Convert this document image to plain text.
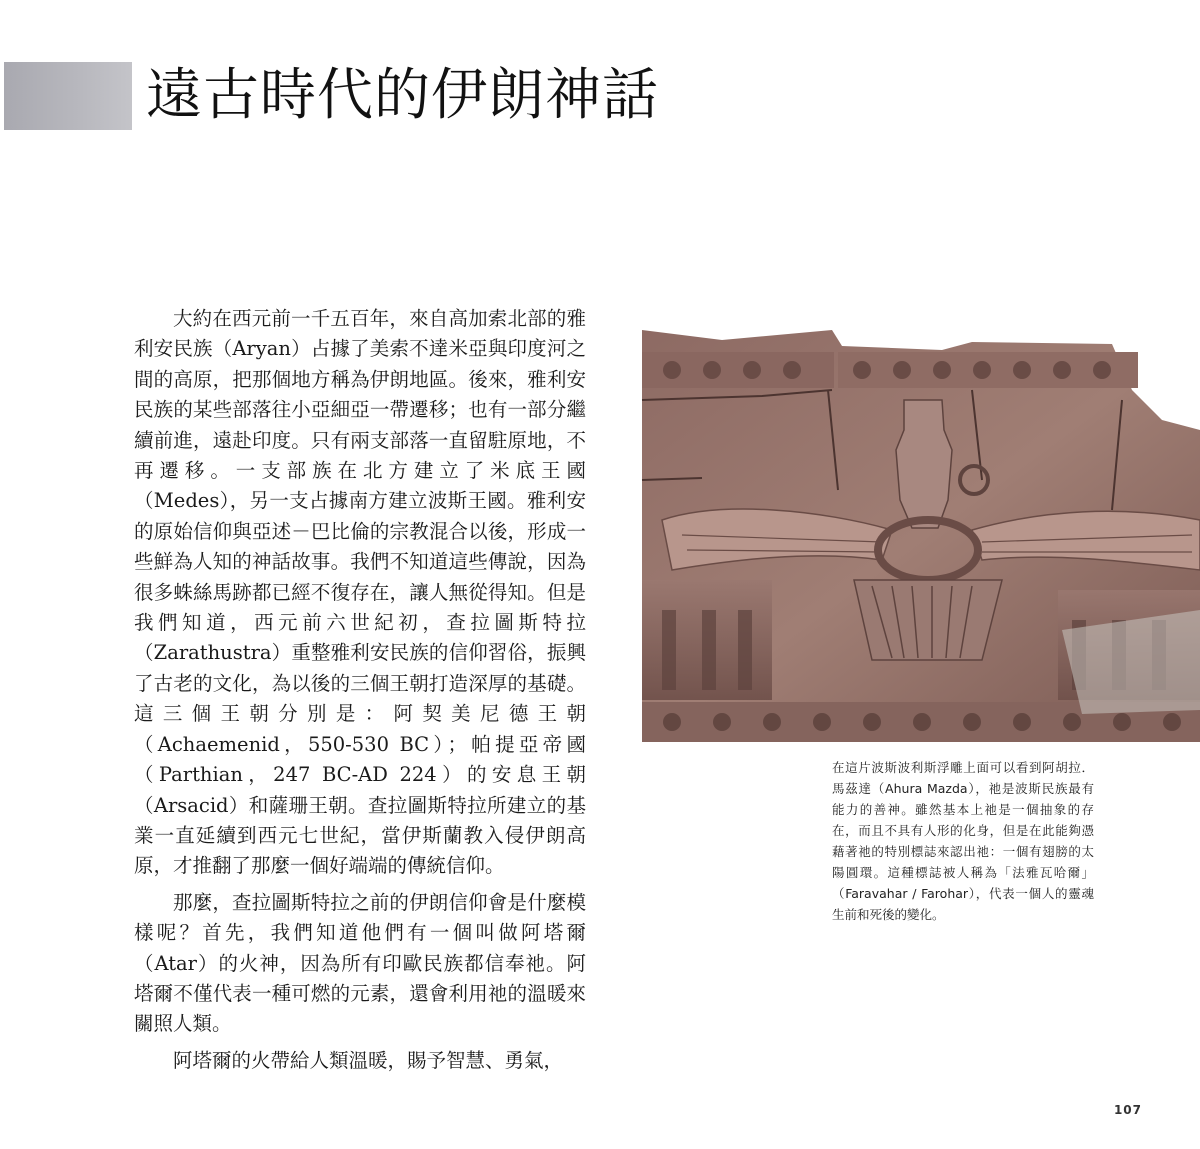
遠古時代的伊朗神話

大約在西元前一千五百年，來自高加索北部的雅利安民族（Aryan）占據了美索不達米亞與印度河之間的高原，把那個地方稱為伊朗地區。後來，雅利安民族的某些部落往小亞細亞一帶遷移；也有一部分繼續前進，遠赴印度。只有兩支部落一直留駐原地，不再遷移。一支部族在北方建立了米底王國（Medes），另一支占據南方建立波斯王國。雅利安的原始信仰與亞述－巴比倫的宗教混合以後，形成一些鮮為人知的神話故事。我們不知道這些傳說，因為很多蛛絲馬跡都已經不復存在，讓人無從得知。但是我們知道，西元前六世紀初，查拉圖斯特拉（Zarathustra）重整雅利安民族的信仰習俗，振興了古老的文化，為以後的三個王朝打造深厚的基礎。這三個王朝分別是：阿契美尼德王朝（Achaemenid，550-530 BC）；帕提亞帝國（Parthian，247 BC-AD 224）的安息王朝（Arsacid）和薩珊王朝。查拉圖斯特拉所建立的基業一直延續到西元七世紀，當伊斯蘭教入侵伊朗高原，才推翻了那麼一個好端端的傳統信仰。

那麼，查拉圖斯特拉之前的伊朗信仰會是什麼模樣呢？首先，我們知道他們有一個叫做阿塔爾（Atar）的火神，因為所有印歐民族都信奉祂。阿塔爾不僅代表一種可燃的元素，還會利用祂的溫暖來關照人類。

阿塔爾的火帶給人類溫暖，賜予智慧、勇氣，

在這片波斯波利斯浮雕上面可以看到阿胡拉．馬茲達（Ahura Mazda），祂是波斯民族最有能力的善神。雖然基本上祂是一個抽象的存在，而且不具有人形的化身，但是在此能夠憑藉著祂的特別標誌來認出祂：一個有翅膀的太陽圓環。這種標誌被人稱為「法雅瓦哈爾」（Faravahar / Farohar），代表一個人的靈魂生前和死後的變化。
107
